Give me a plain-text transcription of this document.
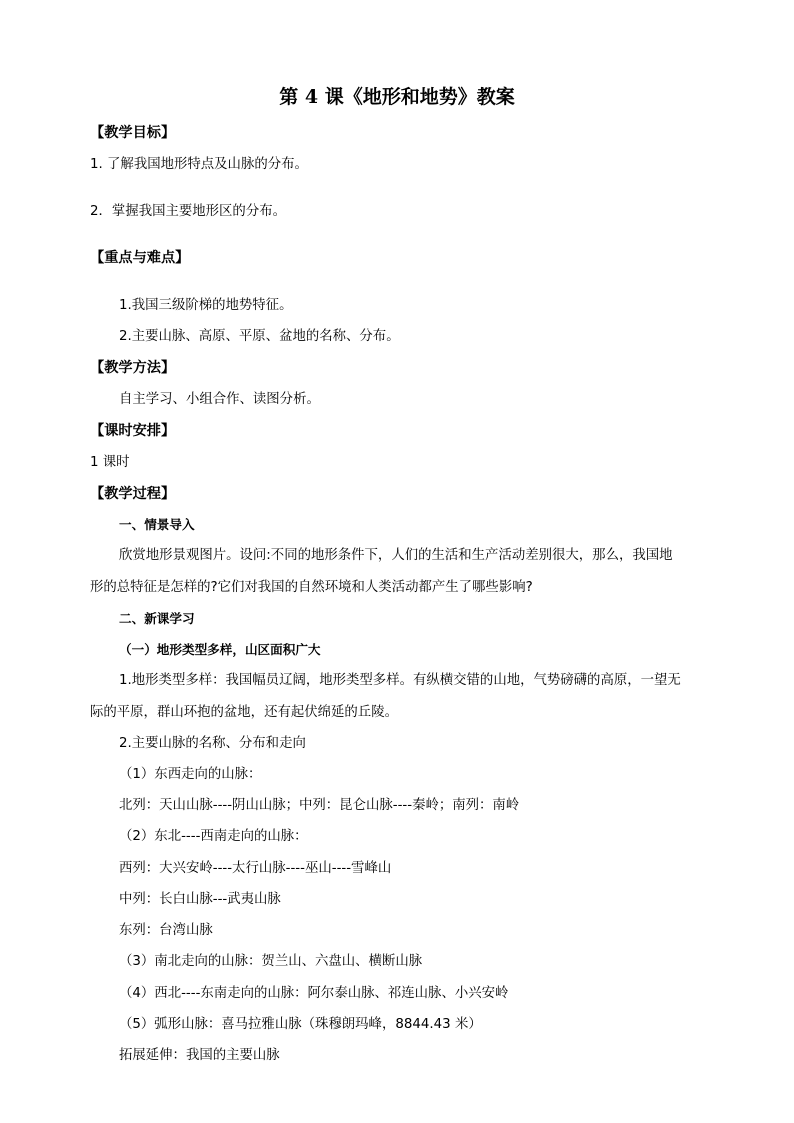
第 4 课《地形和地势》教案
【教学目标】
1. 了解我国地形特点及山脉的分布。
2．掌握我国主要地形区的分布。
【重点与难点】
1.我国三级阶梯的地势特征。
2.主要山脉、高原、平原、盆地的名称、分布。
【教学方法】
自主学习、小组合作、读图分析。
【课时安排】
1 课时
【教学过程】
一、情景导入
欣赏地形景观图片。设问:不同的地形条件下，人们的生活和生产活动差别很大，那么，我国地
形的总特征是怎样的?它们对我国的自然环境和人类活动都产生了哪些影响?
二、新课学习
（一）地形类型多样，山区面积广大
1.地形类型多样：我国幅员辽阔，地形类型多样。有纵横交错的山地，气势磅礴的高原，一望无
际的平原，群山环抱的盆地，还有起伏绵延的丘陵。
2.主要山脉的名称、分布和走向
（1）东西走向的山脉：
北列：天山山脉----阴山山脉；中列：昆仑山脉----秦岭；南列：南岭
（2）东北----西南走向的山脉：
西列：大兴安岭----太行山脉----巫山----雪峰山
中列：长白山脉---武夷山脉
东列：台湾山脉
（3）南北走向的山脉：贺兰山、六盘山、横断山脉
（4）西北----东南走向的山脉：阿尔泰山脉、祁连山脉、小兴安岭
（5）弧形山脉：喜马拉雅山脉（珠穆朗玛峰，8844.43 米）
拓展延伸：我国的主要山脉
